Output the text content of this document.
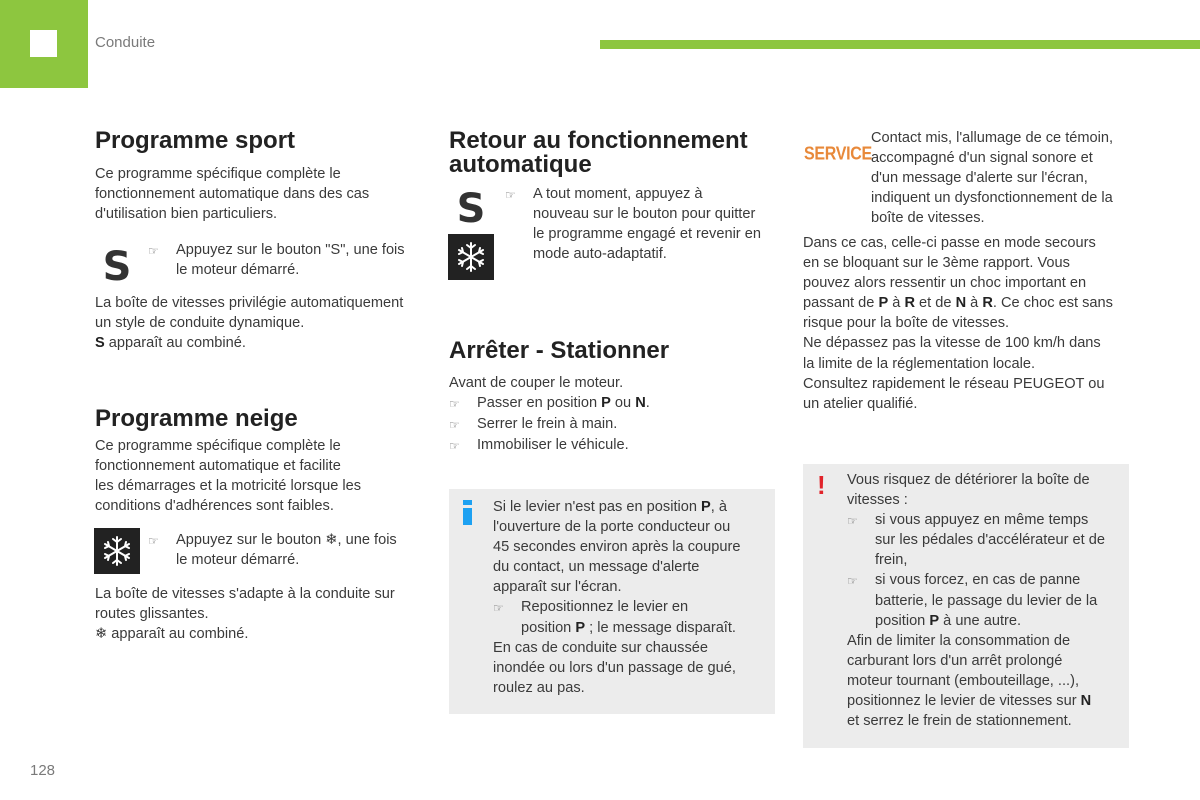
Conduite
Programme sport
Ce programme spécifique complète le
fonctionnement automatique dans des cas
d'utilisation bien particuliers.
S	☞	Appuyez sur le bouton "S", une fois
le moteur démarré.
La boîte de vitesses privilégie automatiquement
un style de conduite dynamique.
S apparaît au combiné.
Programme neige
Ce programme spécifique complète le
fonctionnement automatique et facilite
les démarrages et la motricité lorsque les
conditions d'adhérences sont faibles.
☞	Appuyez sur le bouton ❄, une fois
le moteur démarré.
La boîte de vitesses s'adapte à la conduite sur
routes glissantes.
❄ apparaît au combiné.
Retour au fonctionnement
automatique
S	☞	A tout moment, appuyez à
nouveau sur le bouton pour quitter
le programme engagé et revenir en
mode auto-adaptatif.
Arrêter - Stationner
Avant de couper le moteur.
☞	Passer en position P ou N.
☞	Serrer le frein à main.
☞	Immobiliser le véhicule.
Si le levier n'est pas en position P, à
l'ouverture de la porte conducteur ou
45 secondes environ après la coupure
du contact, un message d'alerte
apparaît sur l'écran.
☞	Repositionnez le levier en
position P ; le message disparaît.
En cas de conduite sur chaussée
inondée ou lors d'un passage de gué,
roulez au pas.
SERVICE
Contact mis, l'allumage de ce témoin,
accompagné d'un signal sonore et
d'un message d'alerte sur l'écran,
indiquent un dysfonctionnement de la
boîte de vitesses.
Dans ce cas, celle-ci passe en mode secours
en se bloquant sur le 3ème rapport. Vous
pouvez alors ressentir un choc important en
passant de P à R et de N à R. Ce choc est sans
risque pour la boîte de vitesses.
Ne dépassez pas la vitesse de 100 km/h dans
la limite de la réglementation locale.
Consultez rapidement le réseau PEUGEOT ou
un atelier qualifié.
! Vous risquez de détériorer la boîte de
vitesses :
☞	si vous appuyez en même temps
sur les pédales d'accélérateur et de
frein,
☞	si vous forcez, en cas de panne
batterie, le passage du levier de la
position P à une autre.
Afin de limiter la consommation de
carburant lors d'un arrêt prolongé
moteur tournant (embouteillage, ...),
positionnez le levier de vitesses sur N
et serrez le frein de stationnement.
128
